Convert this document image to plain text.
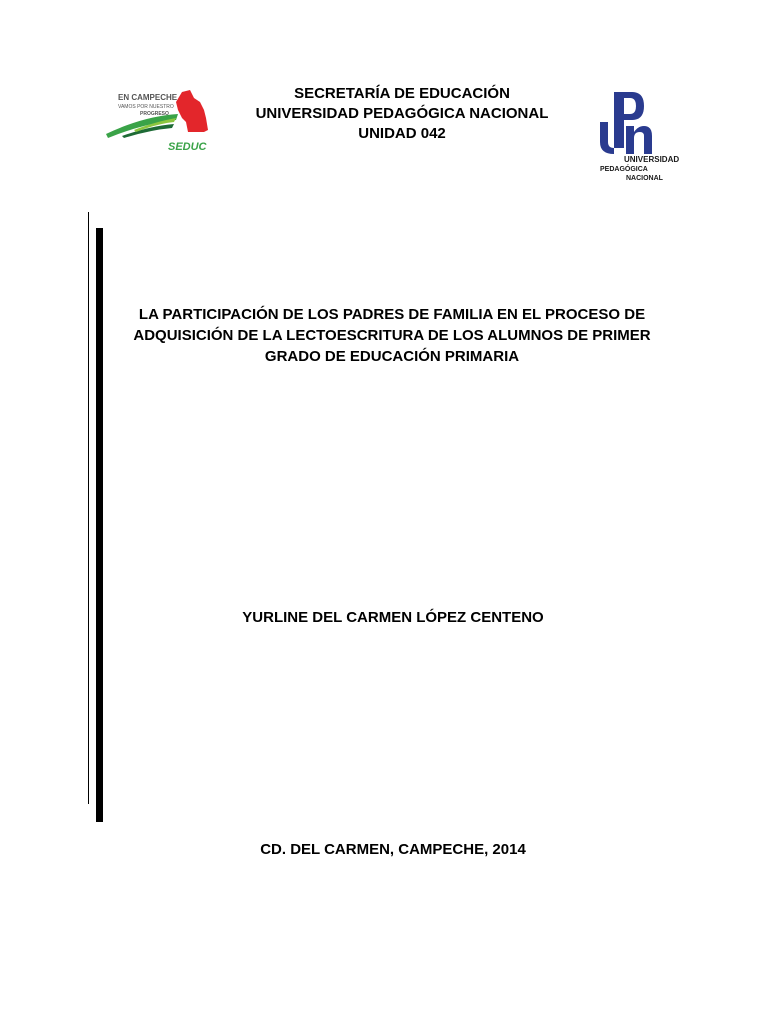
EN CAMPECHE
VAMOS POR NUESTRO
PROGRESO
SEDUC
SECRETARÍA DE EDUCACIÓN
UNIVERSIDAD PEDAGÓGICA NACIONAL
UNIDAD 042
UNIVERSIDAD
PEDAGÓGICA
NACIONAL
LA PARTICIPACIÓN DE LOS PADRES DE FAMILIA EN EL PROCESO DE
ADQUISICIÓN DE LA LECTOESCRITURA DE LOS ALUMNOS DE PRIMER
GRADO DE EDUCACIÓN PRIMARIA
YURLINE DEL CARMEN LÓPEZ CENTENO
CD. DEL CARMEN, CAMPECHE, 2014
